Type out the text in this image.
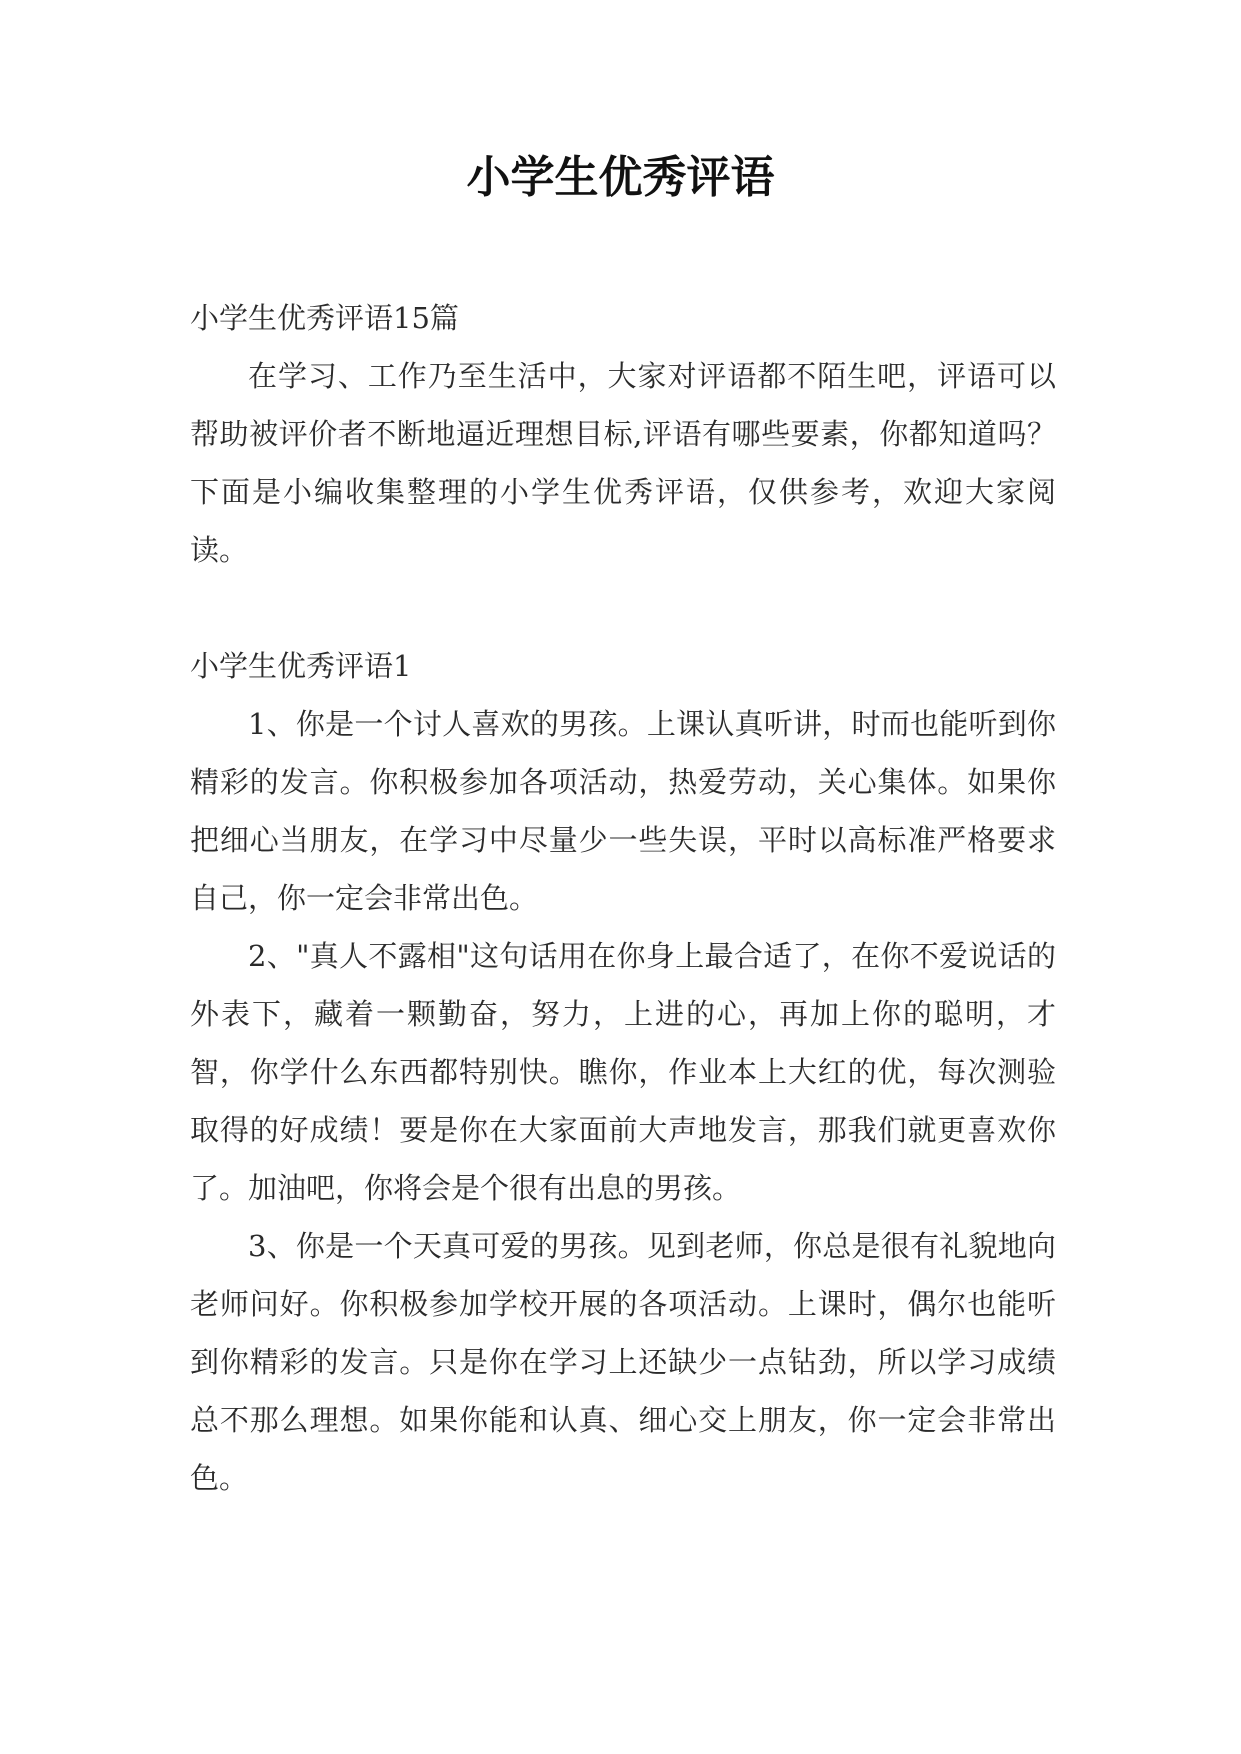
小学生优秀评语

小学生优秀评语15篇

在学习、工作乃至生活中，大家对评语都不陌生吧，评语可以帮助被评价者不断地逼近理想目标,评语有哪些要素，你都知道吗？下面是小编收集整理的小学生优秀评语，仅供参考，欢迎大家阅读。

小学生优秀评语1

1、你是一个讨人喜欢的男孩。上课认真听讲，时而也能听到你精彩的发言。你积极参加各项活动，热爱劳动，关心集体。如果你把细心当朋友，在学习中尽量少一些失误，平时以高标准严格要求自己，你一定会非常出色。

2、"真人不露相"这句话用在你身上最合适了，在你不爱说话的外表下，藏着一颗勤奋，努力，上进的心，再加上你的聪明，才智，你学什么东西都特别快。瞧你，作业本上大红的优，每次测验取得的好成绩！要是你在大家面前大声地发言，那我们就更喜欢你了。加油吧，你将会是个很有出息的男孩。

3、你是一个天真可爱的男孩。见到老师，你总是很有礼貌地向老师问好。你积极参加学校开展的各项活动。上课时，偶尔也能听到你精彩的发言。只是你在学习上还缺少一点钻劲，所以学习成绩总不那么理想。如果你能和认真、细心交上朋友，你一定会非常出色。
